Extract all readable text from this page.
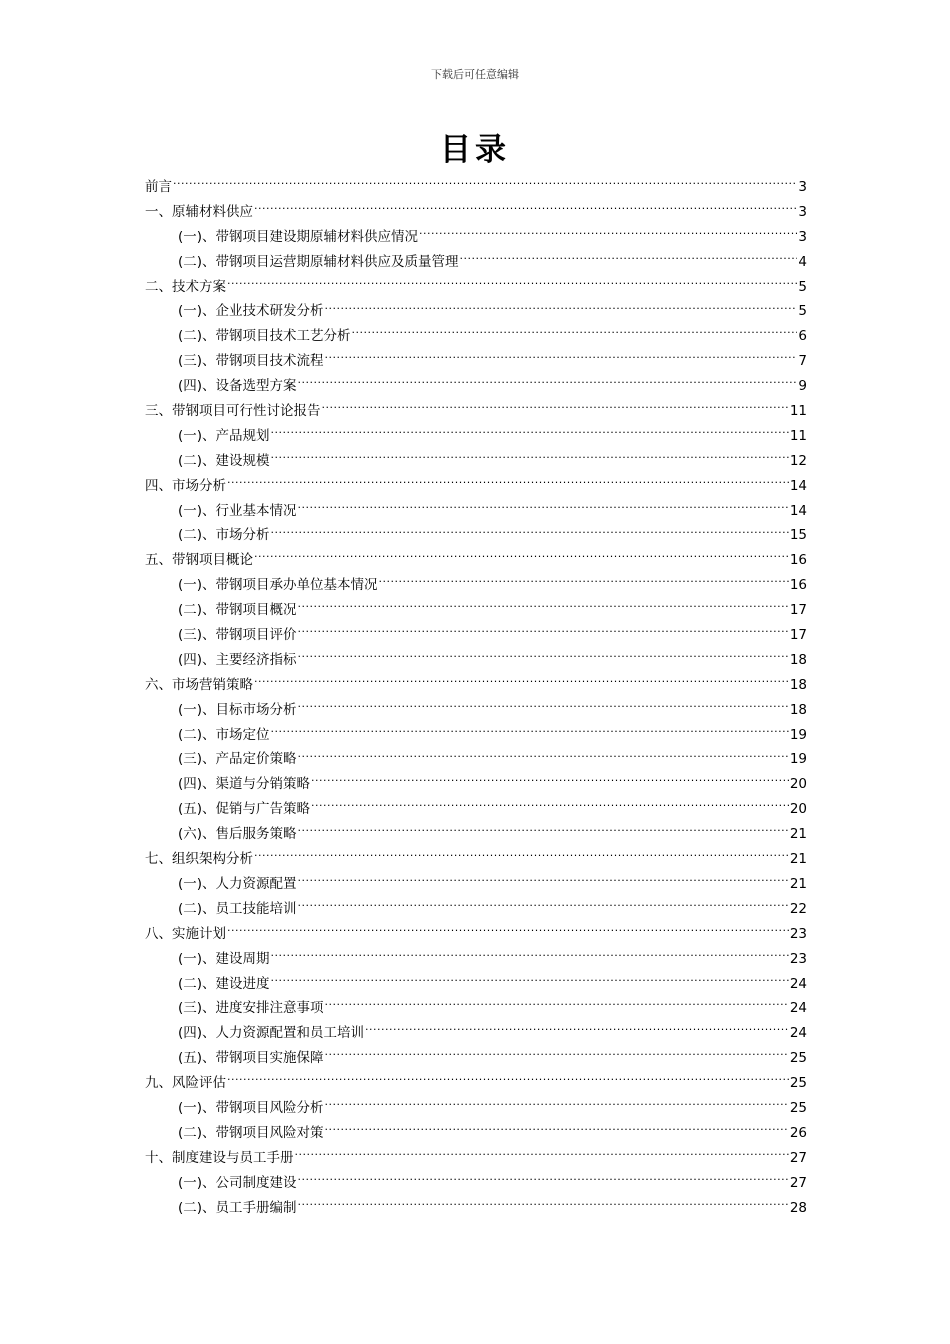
下载后可任意编辑
目录
前言 .....	3
一、原辅材料供应 .....	3
(一)、带钢项目建设期原辅材料供应情况 .....	3
(二)、带钢项目运营期原辅材料供应及质量管理 .....	4
二、技术方案 .....	5
(一)、企业技术研发分析 .....	5
(二)、带钢项目技术工艺分析 .....	6
(三)、带钢项目技术流程 .....	7
(四)、设备选型方案 .....	9
三、带钢项目可行性讨论报告 .....	11
(一)、产品规划 .....	11
(二)、建设规模 .....	12
四、市场分析 .....	14
(一)、行业基本情况 .....	14
(二)、市场分析 .....	15
五、带钢项目概论 .....	16
(一)、带钢项目承办单位基本情况 .....	16
(二)、带钢项目概况 .....	17
(三)、带钢项目评价 .....	17
(四)、主要经济指标 .....	18
六、市场营销策略 .....	18
(一)、目标市场分析 .....	18
(二)、市场定位 .....	19
(三)、产品定价策略 .....	19
(四)、渠道与分销策略 .....	20
(五)、促销与广告策略 .....	20
(六)、售后服务策略 .....	21
七、组织架构分析 .....	21
(一)、人力资源配置 .....	21
(二)、员工技能培训 .....	22
八、实施计划 .....	23
(一)、建设周期 .....	23
(二)、建设进度 .....	24
(三)、进度安排注意事项 .....	24
(四)、人力资源配置和员工培训 .....	24
(五)、带钢项目实施保障 .....	25
九、风险评估 .....	25
(一)、带钢项目风险分析 .....	25
(二)、带钢项目风险对策 .....	26
十、制度建设与员工手册 .....	27
(一)、公司制度建设 .....	27
(二)、员工手册编制 .....	28
